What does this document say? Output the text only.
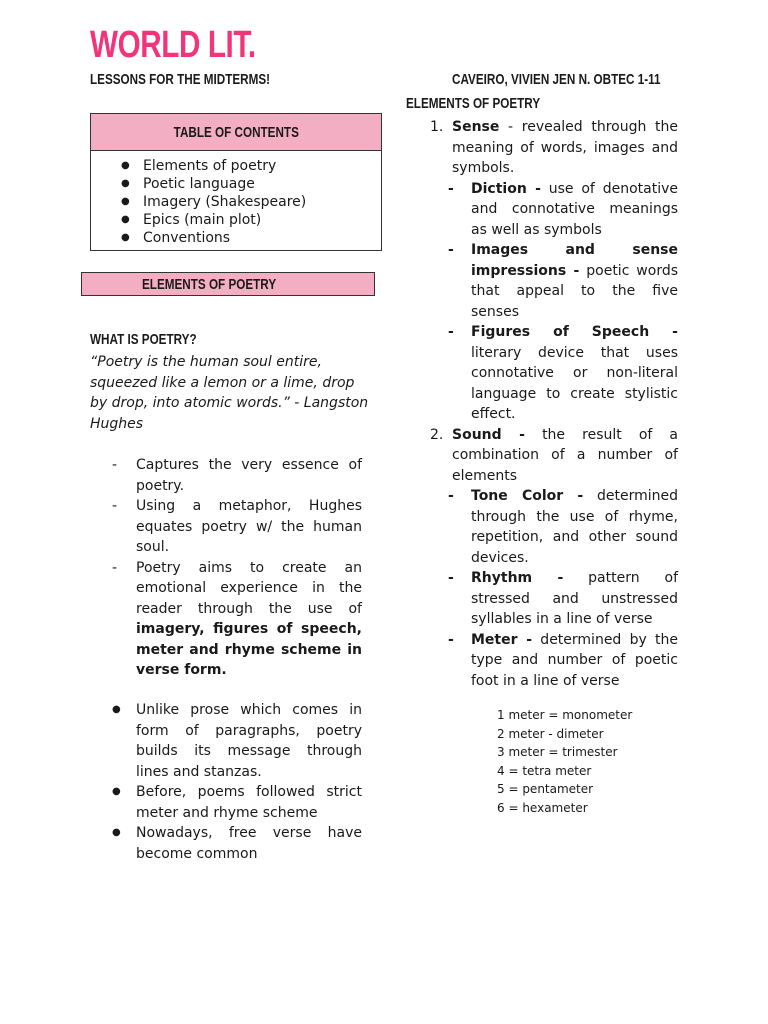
WORLD LIT.
LESSONS FOR THE MIDTERMS!	CAVEIRO, VIVIEN JEN N. OBTEC 1-11
ELEMENTS OF POETRY
TABLE OF CONTENTS
● Elements of poetry
● Poetic language
● Imagery (Shakespeare)
● Epics (main plot)
● Conventions
ELEMENTS OF POETRY
WHAT IS POETRY?

“Poetry is the human soul entire, squeezed like a lemon or a lime, drop by drop, into atomic words.” - Langston Hughes

- Captures the very essence of poetry.
- Using a metaphor, Hughes equates poetry w/ the human soul.
- Poetry aims to create an emotional experience in the reader through the use of imagery, figures of speech, meter and rhyme scheme in verse form.
● Unlike prose which comes in form of paragraphs, poetry builds its message through lines and stanzas.
● Before, poems followed strict meter and rhyme scheme
● Nowadays, free verse have become common
1. Sense - revealed through the meaning of words, images and symbols.
- Diction - use of denotative and connotative meanings as well as symbols
- Images and sense impressions - poetic words that appeal to the five senses
- Figures of Speech - literary device that uses connotative or non-literal language to create stylistic effect.
2. Sound - the result of a combination of a number of elements
- Tone Color - determined through the use of rhyme, repetition, and other sound devices.
- Rhythm - pattern of stressed and unstressed syllables in a line of verse
- Meter - determined by the type and number of poetic foot in a line of verse
1 meter = monometer
2 meter - dimeter
3 meter = trimester
4 = tetra meter
5 = pentameter
6 = hexameter
